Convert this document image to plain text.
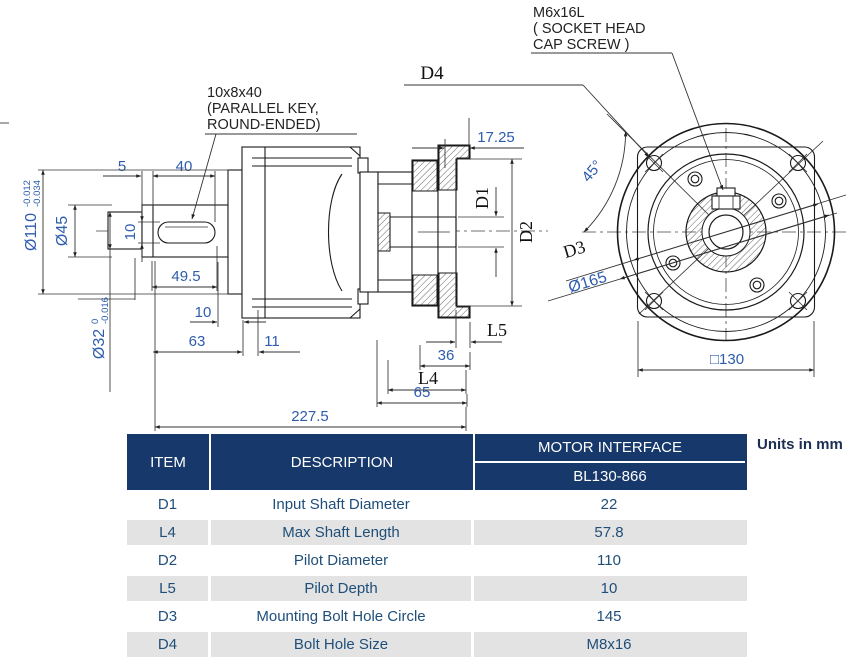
5	40
10
Ø45
Ø110
-0.012 -0.034
Ø32
0 -0.016
49.5
10
63	11
17.25
D1
D2
L5
36
L4
65
227.5
45°
D3
Ø165
□130
10x8x40
(PARALLEL KEY,
ROUND-ENDED)
M6x16L
( SOCKET HEAD
CAP SCREW )
D4
ITEM	DESCRIPTION
MOTOR INTERFACE
BL130-866
D1	Input Shaft Diameter	22
L4	Max Shaft Length	57.8
D2	Pilot Diameter	110
L5	Pilot Depth	10
D3	Mounting Bolt Hole Circle	145
D4	Bolt Hole Size	M8x16
Units in mm
